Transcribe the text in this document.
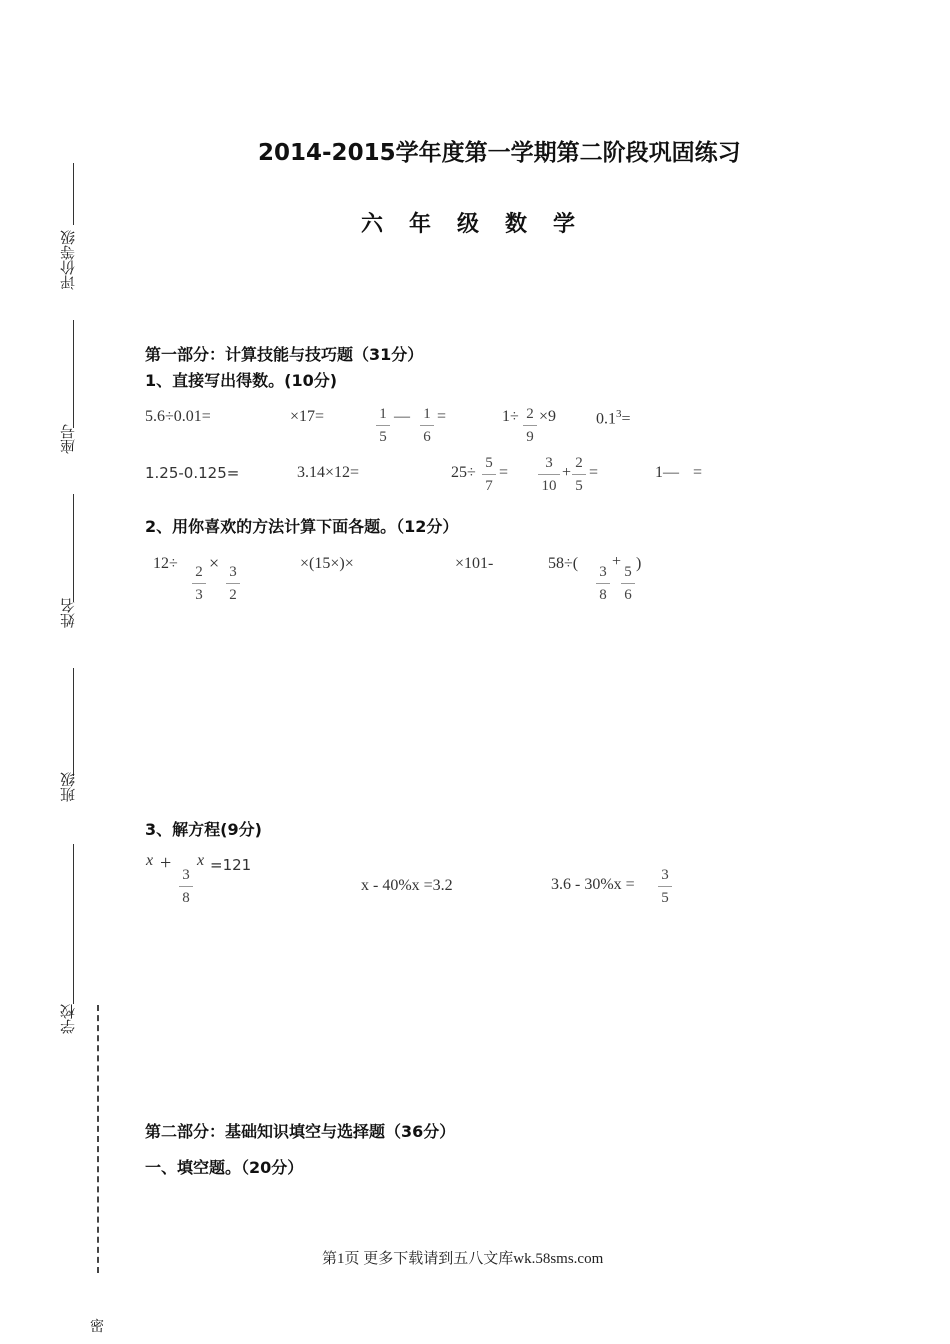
评价等级
座号
姓名
班级
学校
密
2014-2015学年度第一学期第二阶段巩固练习
六年级数学
第一部分：计算技能与技巧题（31分）
1、直接写出得数。(10分)
5.6÷0.01=	×17=	1
5
— 1
6
=	1÷ 2
9
×9 $0.1^3=$
1.25-0.125=	3.14×12=	25÷
5
7
=
3
10
+
2
5
=	1— =
2、用你喜欢的方法计算下面各题。（12分）
12÷ 2
3
× 3
2
×(15×)×	×101-	58÷( 3
8
+
5
6
)
3、解方程(9分)
x +
3
8
x =121
x - 40%x =3.2	3.6 - 30%x =
3
5
第二部分：基础知识填空与选择题（36分）
一、填空题。（20分）
第1页 更多下载请到五八文库wk.58sms.com
